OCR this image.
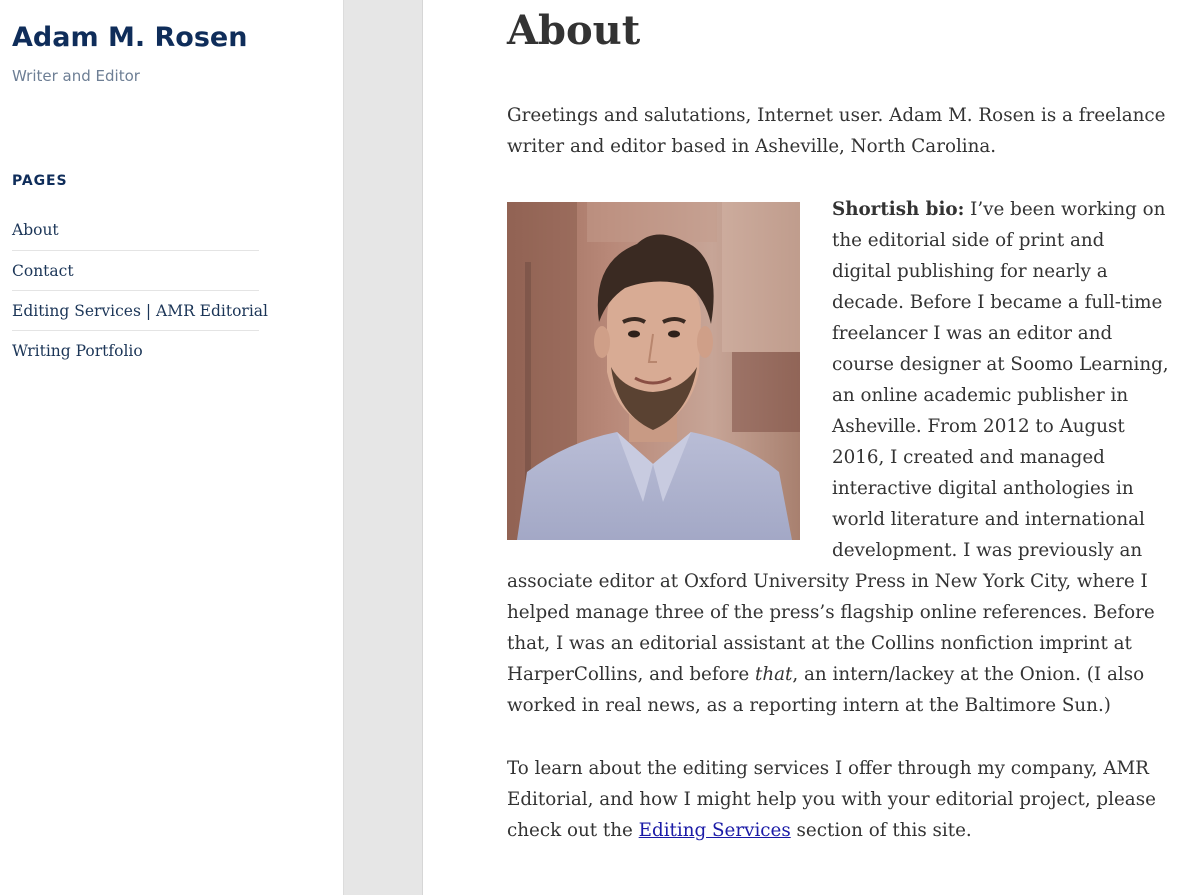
Adam M. Rosen

Writer and Editor

PAGES
About
Contact
Editing Services | AMR Editorial
Writing Portfolio
About

Greetings and salutations, Internet user. Adam M. Rosen is a freelance writer and editor based in Asheville, North Carolina.

Shortish bio: I’ve been working on the editorial side of print and digital publishing for nearly a decade. Before I became a full-time freelancer I was an editor and course designer at Soomo Learning, an online academic publisher in Asheville. From 2012 to August 2016, I created and managed interactive digital anthologies in world literature and international development. I was previously an associate editor at Oxford University Press in New York City, where I helped manage three of the press’s flagship online references. Before that, I was an editorial assistant at the Collins nonfiction imprint at HarperCollins, and before that, an intern/lackey at the Onion. (I also worked in real news, as a reporting intern at the Baltimore Sun.)

To learn about the editing services I offer through my company, AMR Editorial, and how I might help you with your editorial project, please check out the Editing Services section of this site.
